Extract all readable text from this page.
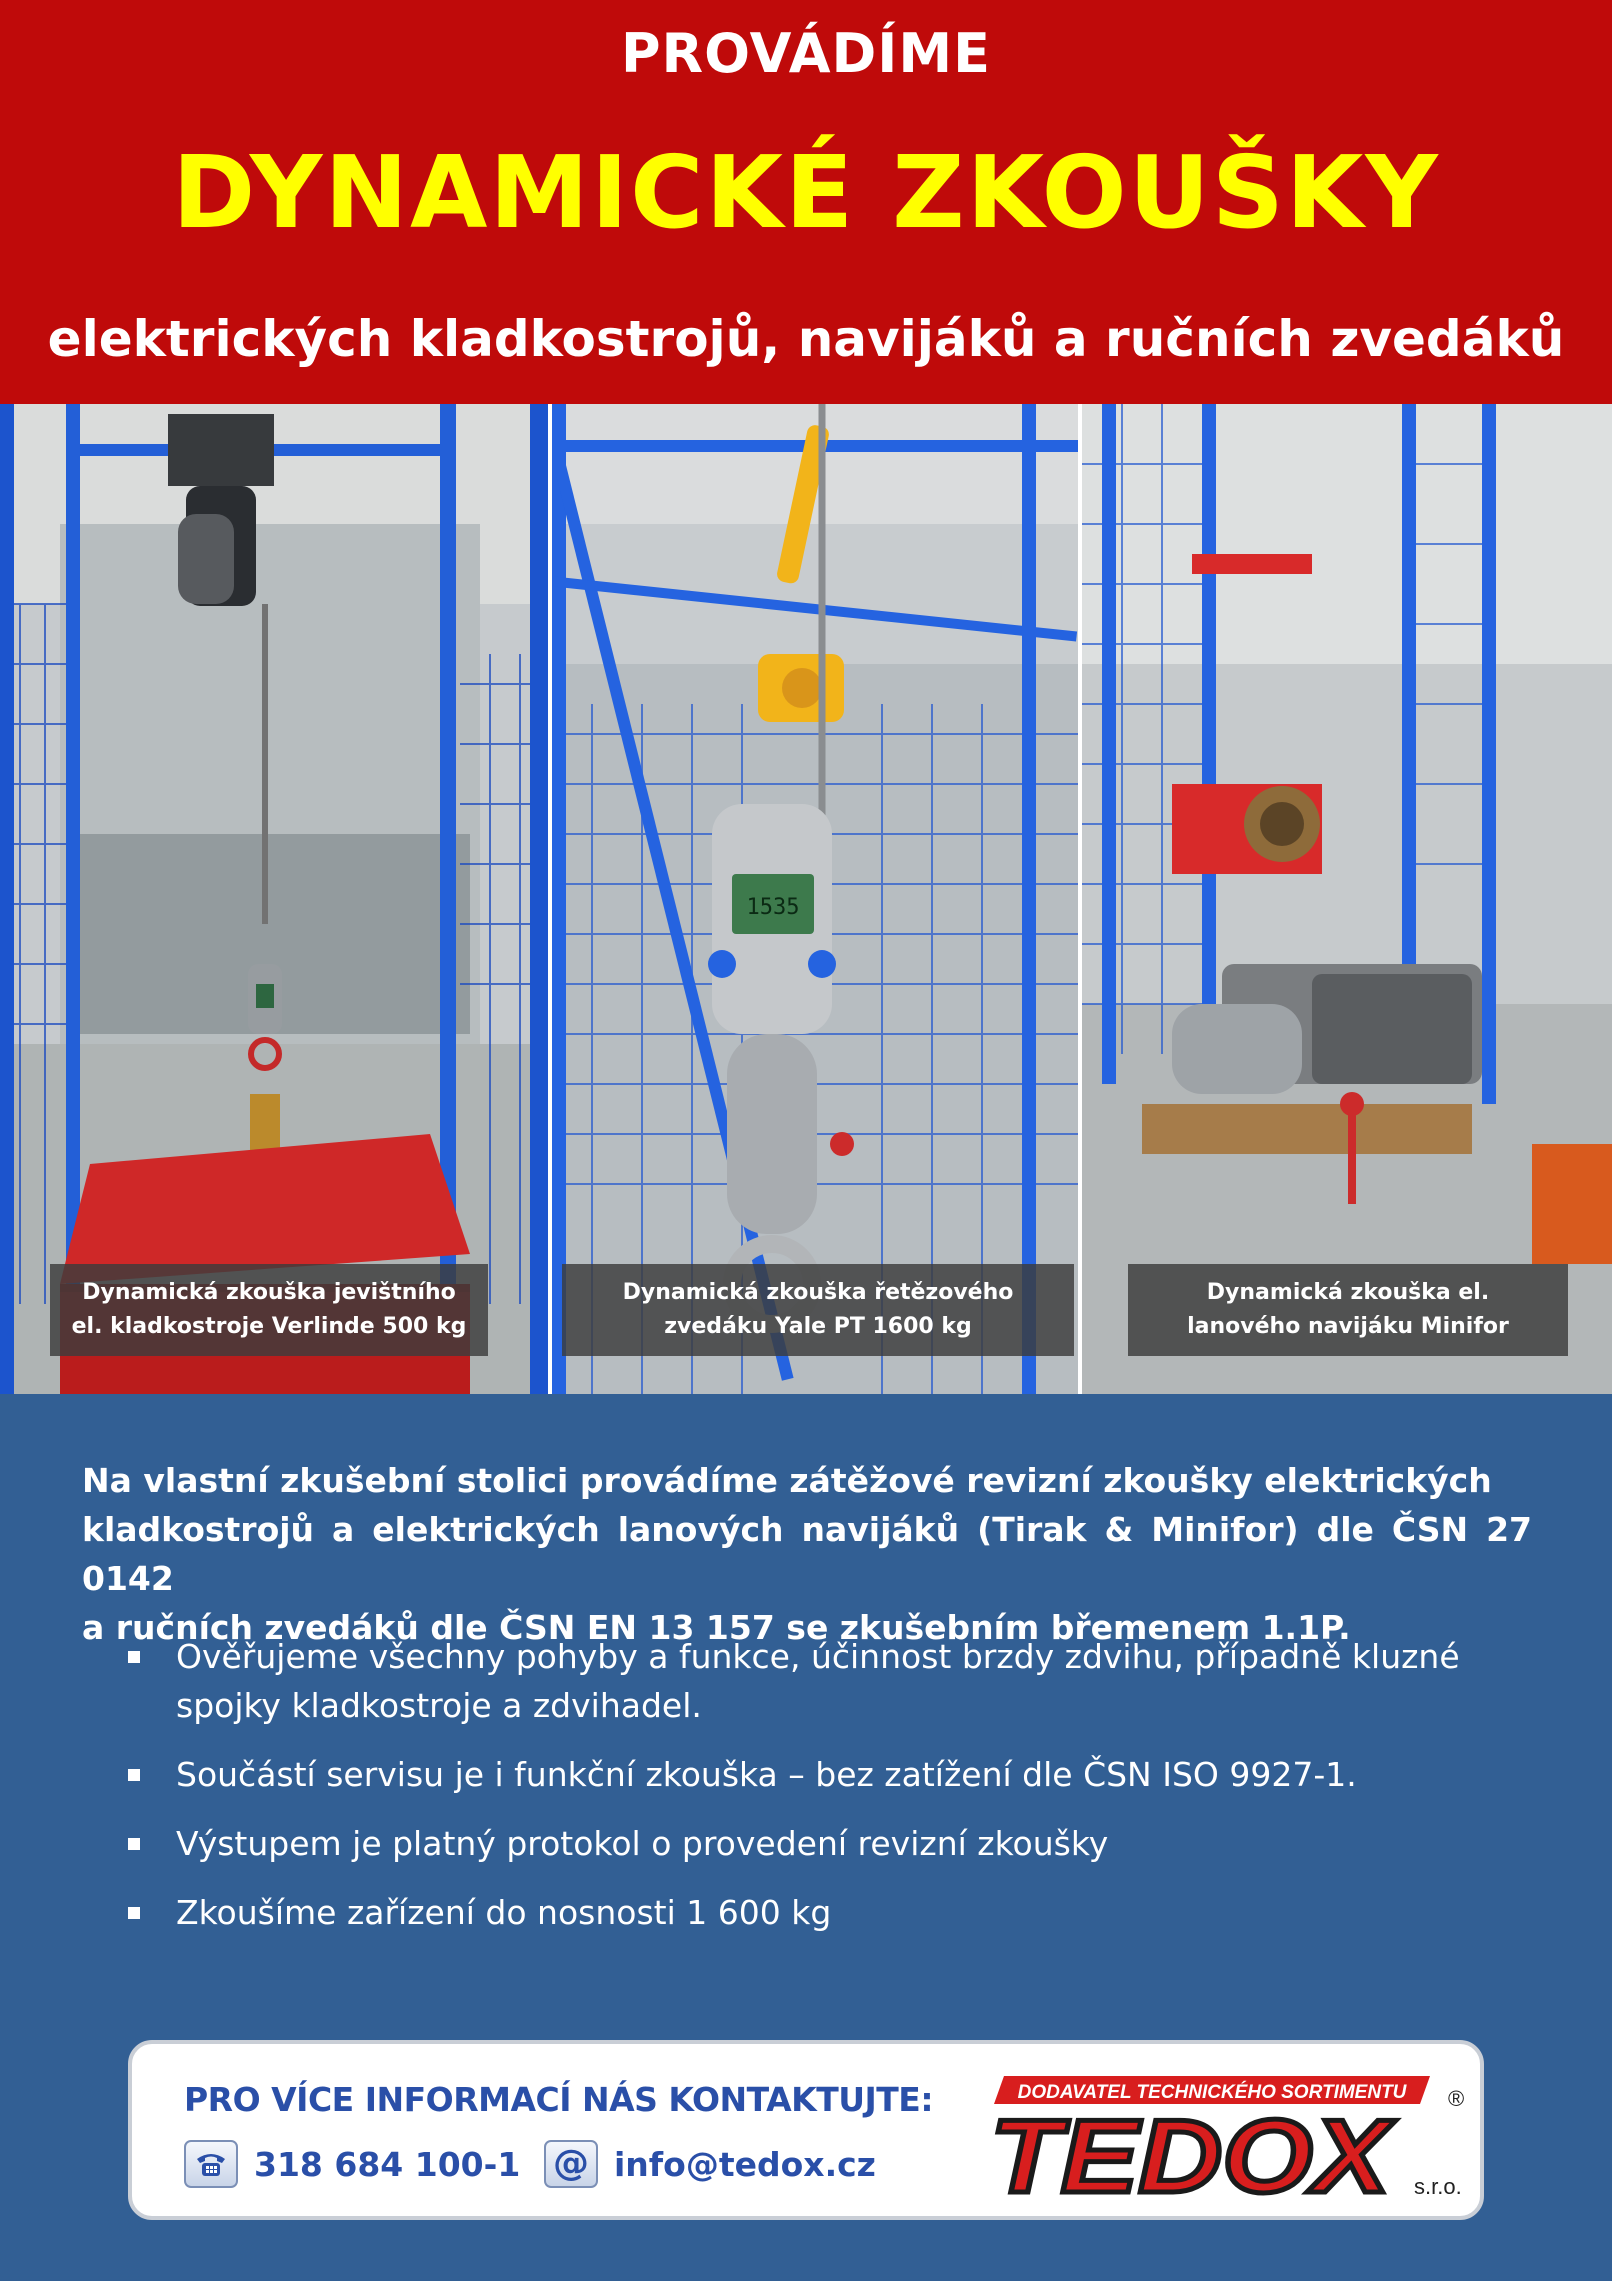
PROVÁDÍME
DYNAMICKÉ ZKOUŠKY
elektrických kladkostrojů, navijáků a ručních zvedáků
Dynamická zkouška jevištního
el. kladkostroje Verlinde 500 kg
1535
Dynamická zkouška řetězového
zvedáku Yale PT 1600 kg
Dynamická zkouška el.
lanového navijáku Minifor
Na vlastní zkušební stolici provádíme zátěžové revizní zkoušky elektrických
kladkostrojů a elektrických lanových navijáků (Tirak & Minifor) dle ČSN 27 0142
a ručních zvedáků dle ČSN EN 13 157 se zkušebním břemenem 1.1P.
Ověřujeme všechny pohyby a funkce, účinnost brzdy zdvihu, případně kluzné
spojky kladkostroje a zdvihadel.
Součástí servisu je i funkční zkouška – bez zatížení dle ČSN ISO 9927-1.
Výstupem je platný protokol o provedení revizní zkoušky
Zkoušíme zařízení do nosnosti 1 600 kg
PRO VÍCE INFORMACÍ NÁS KONTAKTUJTE:
318 684 100-1 @ info@tedox.cz
DODAVATEL TECHNICKÉHO SORTIMENTU ®
TEDOX s.r.o.
